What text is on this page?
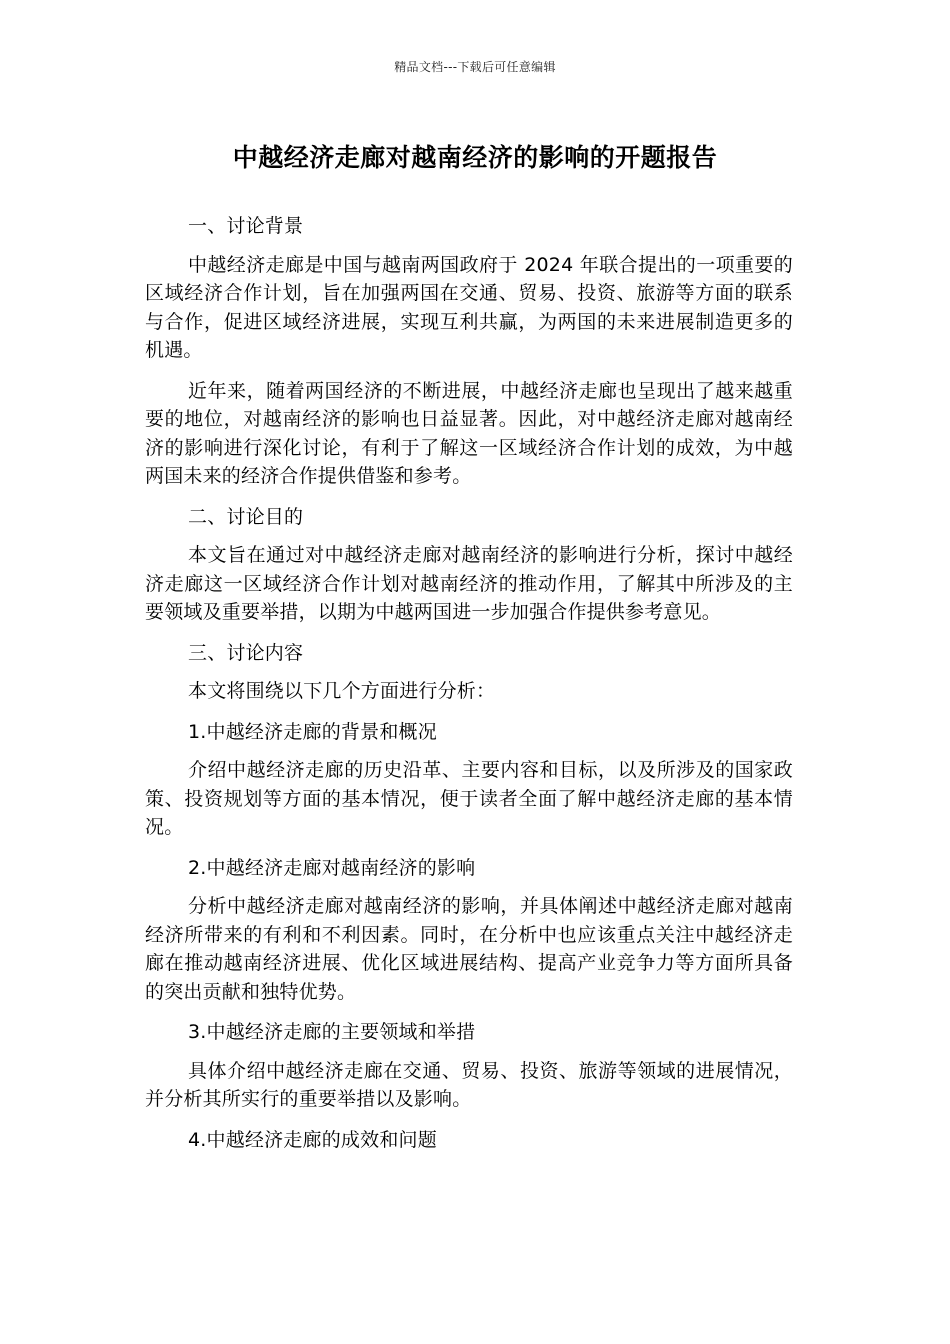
精品文档---下载后可任意编辑
中越经济走廊对越南经济的影响的开题报告

一、讨论背景

中越经济走廊是中国与越南两国政府于 2024 年联合提出的一项重要的区域经济合作计划，旨在加强两国在交通、贸易、投资、旅游等方面的联系与合作，促进区域经济进展，实现互利共赢，为两国的未来进展制造更多的机遇。

近年来，随着两国经济的不断进展，中越经济走廊也呈现出了越来越重要的地位，对越南经济的影响也日益显著。因此，对中越经济走廊对越南经济的影响进行深化讨论，有利于了解这一区域经济合作计划的成效，为中越两国未来的经济合作提供借鉴和参考。

二、讨论目的

本文旨在通过对中越经济走廊对越南经济的影响进行分析，探讨中越经济走廊这一区域经济合作计划对越南经济的推动作用，了解其中所涉及的主要领域及重要举措，以期为中越两国进一步加强合作提供参考意见。

三、讨论内容

本文将围绕以下几个方面进行分析：

1.中越经济走廊的背景和概况

介绍中越经济走廊的历史沿革、主要内容和目标，以及所涉及的国家政策、投资规划等方面的基本情况，便于读者全面了解中越经济走廊的基本情况。

2.中越经济走廊对越南经济的影响

分析中越经济走廊对越南经济的影响，并具体阐述中越经济走廊对越南经济所带来的有利和不利因素。同时，在分析中也应该重点关注中越经济走廊在推动越南经济进展、优化区域进展结构、提高产业竞争力等方面所具备的突出贡献和独特优势。

3.中越经济走廊的主要领域和举措

具体介绍中越经济走廊在交通、贸易、投资、旅游等领域的进展情况，并分析其所实行的重要举措以及影响。

4.中越经济走廊的成效和问题
